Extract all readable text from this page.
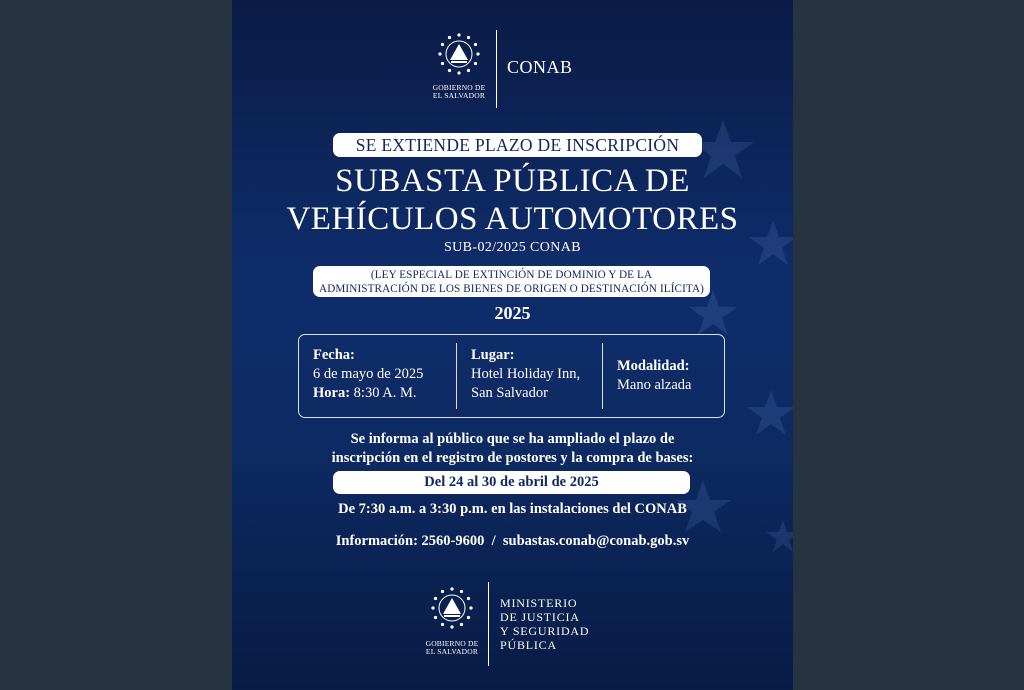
GOBIERNO DE
EL SALVADOR
CONAB
SE EXTIENDE PLAZO DE INSCRIPCIÓN
SUBASTA PÚBLICA DE
VEHÍCULOS AUTOMOTORES
SUB-02/2025 CONAB
(LEY ESPECIAL DE EXTINCIÓN DE DOMINIO Y DE LA
ADMINISTRACIÓN DE LOS BIENES DE ORIGEN O DESTINACIÓN ILÍCITA)
2025
Fecha:
6 de mayo de 2025
Hora: 8:30 A. M.
Lugar:
Hotel Holiday Inn,
San Salvador
Modalidad:
Mano alzada
Se informa al público que se ha ampliado el plazo de
inscripción en el registro de postores y la compra de bases:
Del 24 al 30 de abril de 2025
De 7:30 a.m. a 3:30 p.m. en las instalaciones del CONAB
Información: 2560-9600  /  subastas.conab@conab.gob.sv
GOBIERNO DE
EL SALVADOR
MINISTERIO
DE JUSTICIA
Y SEGURIDAD
PÚBLICA
